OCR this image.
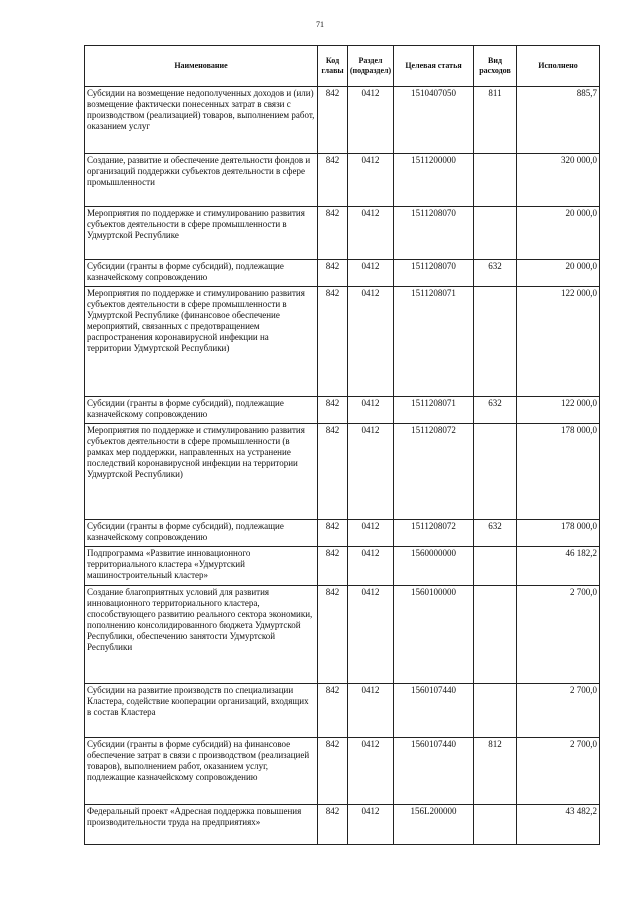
71
Наименование	Код главы	Раздел (подраздел)	Целевая статья	Вид расходов	Исполнено
Субсидии на возмещение недополученных доходов и (или) возмещение фактически понесенных затрат в связи с производством (реализацией) товаров, выполнением работ, оказанием услуг	842	0412	1510407050	811	885,7
Создание, развитие и обеспечение деятельности фондов и организаций поддержки субъектов деятельности в сфере промышленности	842	0412	1511200000		320 000,0
Мероприятия по поддержке и стимулированию развития субъектов деятельности в сфере промышленности в Удмуртской Республике	842	0412	1511208070		20 000,0
Субсидии (гранты в форме субсидий), подлежащие казначейскому сопровождению	842	0412	1511208070	632	20 000,0
Мероприятия по поддержке и стимулированию развития субъектов деятельности в сфере промышленности в Удмуртской Республике (финансовое обеспечение мероприятий, связанных с предотвращением распространения коронавирусной инфекции на территории Удмуртской Республики)	842	0412	1511208071		122 000,0
Субсидии (гранты в форме субсидий), подлежащие казначейскому сопровождению	842	0412	1511208071	632	122 000,0
Мероприятия по поддержке и стимулированию развития субъектов деятельности в сфере промышленности (в рамках мер поддержки, направленных на устранение последствий коронавирусной инфекции на территории Удмуртской Республики)	842	0412	1511208072		178 000,0
Субсидии (гранты в форме субсидий), подлежащие казначейскому сопровождению	842	0412	1511208072	632	178 000,0
Подпрограмма «Развитие инновационного территориального кластера «Удмуртский машиностроительный кластер»	842	0412	1560000000		46 182,2
Создание благоприятных условий для развития инновационного территориального кластера, способствующего развитию реального сектора экономики, пополнению консолидированного бюджета Удмуртской Республики, обеспечению занятости Удмуртской Республики	842	0412	1560100000		2 700,0
Субсидии на развитие производств по специализации Кластера, содействие кооперации организаций, входящих в состав Кластера	842	0412	1560107440		2 700,0
Субсидии (гранты в форме субсидий) на финансовое обеспечение затрат в связи с производством (реализацией товаров), выполнением работ, оказанием услуг, подлежащие казначейскому сопровождению	842	0412	1560107440	812	2 700,0
Федеральный проект «Адресная поддержка повышения производительности труда на предприятиях»	842	0412	156L200000		43 482,2
